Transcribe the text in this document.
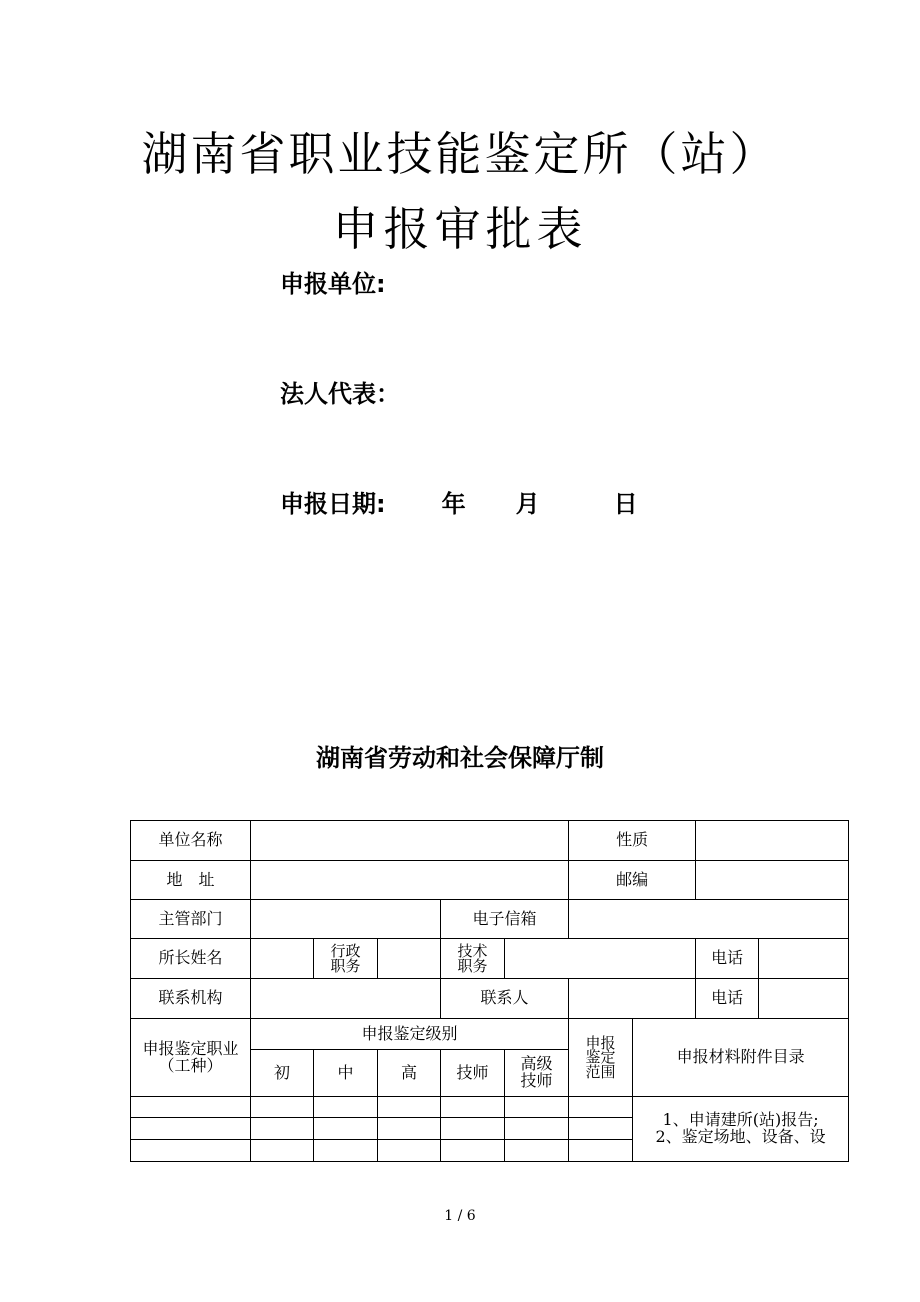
湖南省职业技能鉴定所（站）
申报审批表
申报单位:
法人代表：
申报日期: 年 月	日
湖南省劳动和社会保障厅制
单位名称						性质			
地　址						邮编			
主管部门				电子信箱					
所长姓名		行政职务		技术职务				电话	
联系机构				联系人				电话	
申报鉴定职业（工种）	申报鉴定级别					申报鉴定范围	申报材料附件目录		
	初	中	高	技师	高级技师				

							1、申请建所(站)报告;
2、鉴定场地、设备、设		

1 / 6
